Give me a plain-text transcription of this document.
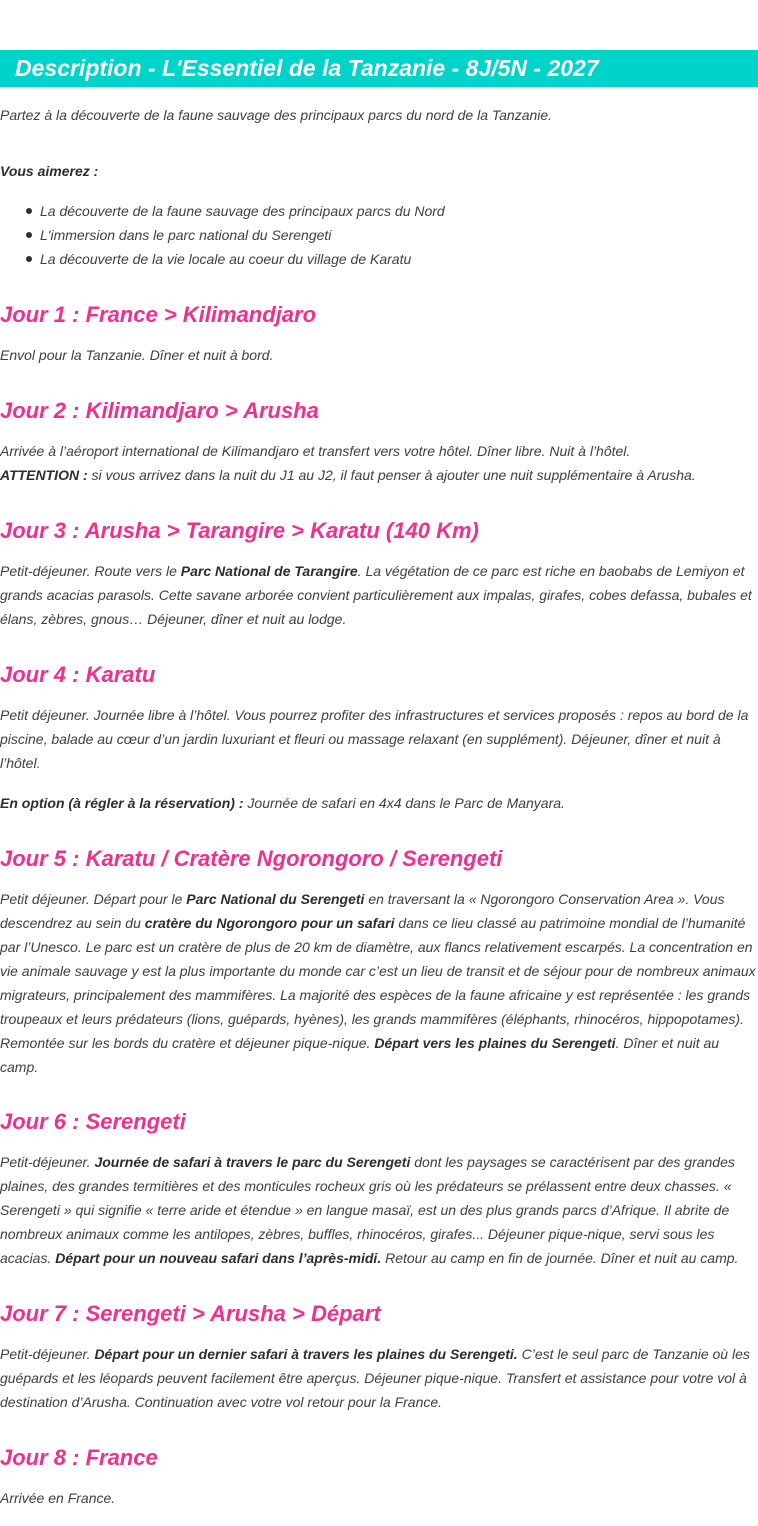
Description - L'Essentiel de la Tanzanie - 8J/5N - 2027

Partez à la découverte de la faune sauvage des principaux parcs du nord de la Tanzanie.

Vous aimerez :

La découverte de la faune sauvage des principaux parcs du Nord
L'immersion dans le parc national du Serengeti
La découverte de la vie locale au coeur du village de Karatu
Jour 1 : France > Kilimandjaro

Envol pour la Tanzanie. Dîner et nuit à bord.

Jour 2 : Kilimandjaro > Arusha

Arrivée à l’aéroport international de Kilimandjaro et transfert vers votre hôtel. Dîner libre. Nuit à l’hôtel.

ATTENTION : si vous arrivez dans la nuit du J1 au J2, il faut penser à ajouter une nuit supplémentaire à Arusha.

Jour 3 : Arusha > Tarangire > Karatu (140 Km)

Petit-déjeuner. Route vers le Parc National de Tarangire. La végétation de ce parc est riche en baobabs de Lemiyon et grands acacias parasols. Cette savane arborée convient particulièrement aux impalas, girafes, cobes defassa, bubales et élans, zèbres, gnous… Déjeuner, dîner et nuit au lodge.

Jour 4 : Karatu

Petit déjeuner. Journée libre à l’hôtel. Vous pourrez profiter des infrastructures et services proposés : repos au bord de la piscine, balade au cœur d’un jardin luxuriant et fleuri ou massage relaxant (en supplément). Déjeuner, dîner et nuit à l’hôtel.

En option (à régler à la réservation) : Journée de safari en 4x4 dans le Parc de Manyara.

Jour 5 : Karatu / Cratère Ngorongoro / Serengeti

Petit déjeuner. Départ pour le Parc National du Serengeti en traversant la « Ngorongoro Conservation Area ». Vous descendrez au sein du cratère du Ngorongoro pour un safari dans ce lieu classé au patrimoine mondial de l’humanité par l’Unesco. Le parc est un cratère de plus de 20 km de diamètre, aux flancs relativement escarpés. La concentration en vie animale sauvage y est la plus importante du monde car c’est un lieu de transit et de séjour pour de nombreux animaux migrateurs, principalement des mammifères. La majorité des espèces de la faune africaine y est représentée : les grands troupeaux et leurs prédateurs (lions, guépards, hyènes), les grands mammifères (éléphants, rhinocéros, hippopotames). Remontée sur les bords du cratère et déjeuner pique-nique. Départ vers les plaines du Serengeti. Dîner et nuit au camp.

Jour 6 : Serengeti

Petit-déjeuner. Journée de safari à travers le parc du Serengeti dont les paysages se caractérisent par des grandes plaines, des grandes termitières et des monticules rocheux gris où les prédateurs se prélassent entre deux chasses. « Serengeti » qui signifie « terre aride et étendue » en langue masaï, est un des plus grands parcs d’Afrique. Il abrite de nombreux animaux comme les antilopes, zèbres, buffles, rhinocéros, girafes... Déjeuner pique-nique, servi sous les acacias. Départ pour un nouveau safari dans l’après-midi. Retour au camp en fin de journée. Dîner et nuit au camp.

Jour 7 : Serengeti > Arusha > Départ

Petit-déjeuner. Départ pour un dernier safari à travers les plaines du Serengeti. C’est le seul parc de Tanzanie où les guépards et les léopards peuvent facilement être aperçus. Déjeuner pique-nique. Transfert et assistance pour votre vol à destination d’Arusha. Continuation avec votre vol retour pour la France.

Jour 8 : France

Arrivée en France.
